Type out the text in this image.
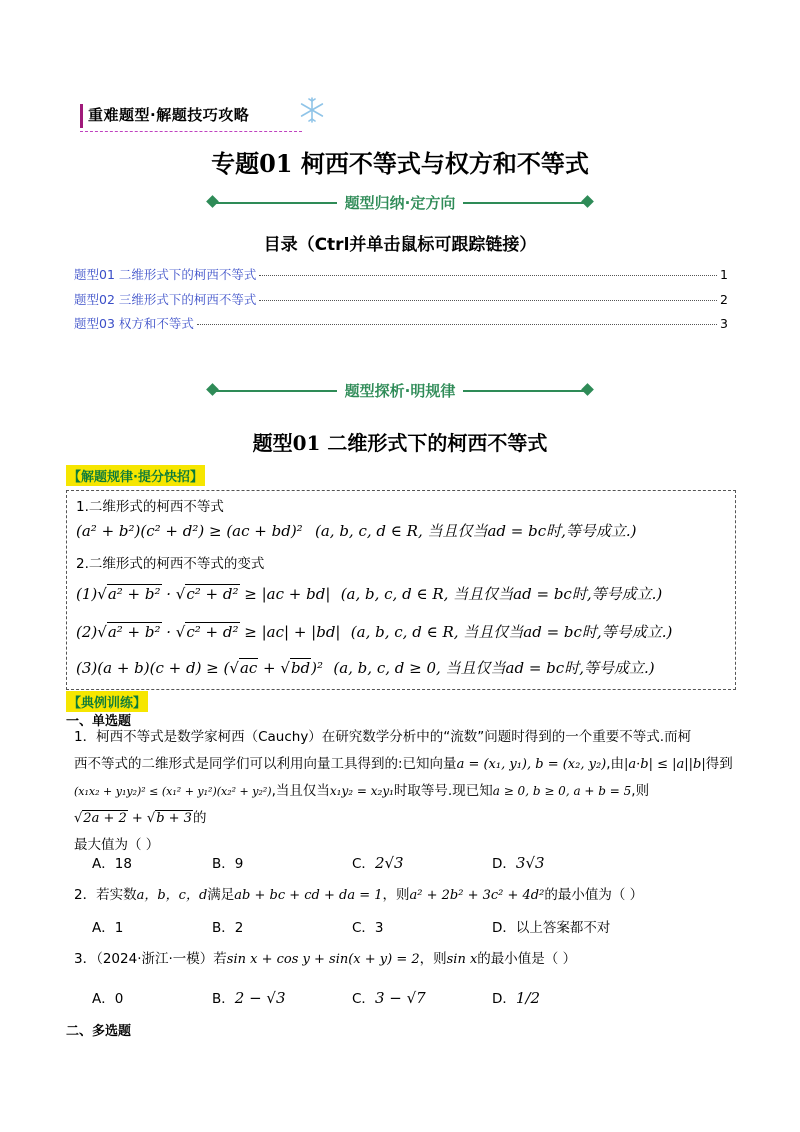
重难题型·解题技巧攻略
专题01 柯西不等式与权方和不等式
题型归纳·定方向
目录（Ctrl并单击鼠标可跟踪链接）
题型01 二维形式下的柯西不等式	1
题型02 三维形式下的柯西不等式	2
题型03 权方和不等式	3
题型探析·明规律
题型01 二维形式下的柯西不等式
【解题规律·提分快招】
1.二维形式的柯西不等式
(a² + b²)(c² + d²) ≥ (ac + bd)² (a, b, c, d ∈ R, 当且仅当ad = bc时,等号成立.)
2.二维形式的柯西不等式的变式
(1)√a² + b² · √c² + d² ≥ |ac + bd| (a, b, c, d ∈ R, 当且仅当ad = bc时,等号成立.)
(2)√a² + b² · √c² + d² ≥ |ac| + |bd| (a, b, c, d ∈ R, 当且仅当ad = bc时,等号成立.)
(3)(a + b)(c + d) ≥ (√ac + √bd)² (a, b, c, d ≥ 0, 当且仅当ad = bc时,等号成立.)
【典例训练】
一、单选题
1．柯西不等式是数学家柯西（Cauchy）在研究数学分析中的“流数”问题时得到的一个重要不等式.而柯
西不等式的二维形式是同学们可以利用向量工具得到的:已知向量a = (x₁, y₁), b = (x₂, y₂),由|a·b| ≤ |a||b|得到
(x₁x₂ + y₁y₂)² ≤ (x₁² + y₁²)(x₂² + y₂²),当且仅当x₁y₂ = x₂y₁时取等号.现已知a ≥ 0, b ≥ 0, a + b = 5,则 √2a + 2 + √b + 3的
最大值为（ ）
A．18	B．9	C．2√3	D．3√3
2．若实数a，b，c，d满足ab + bc + cd + da = 1，则a² + 2b² + 3c² + 4d²的最小值为（ ）
A．1	B．2	C．3	D．以上答案都不对
3．（2024·浙江·一模）若sin x + cos y + sin(x + y) = 2，则sin x的最小值是（ ）
A．0	B．2 − √3	C．3 − √7	D．1/2
二、多选题
